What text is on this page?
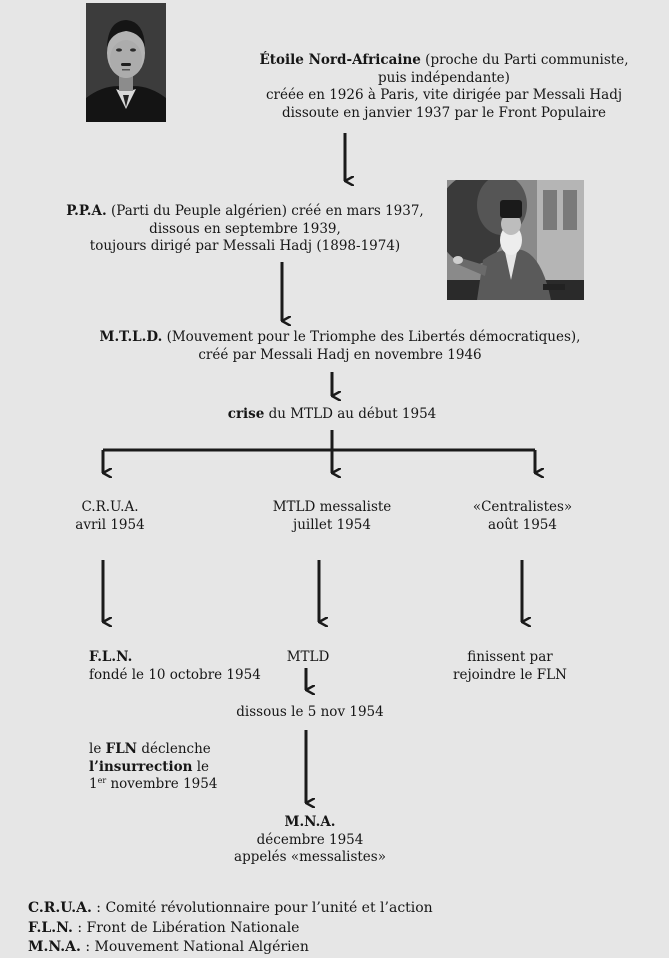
Étoile Nord-Africaine (proche du Parti communiste,
puis indépendante)
créée en 1926 à Paris, vite dirigée par Messali Hadj
dissoute en janvier 1937 par le Front Populaire
P.P.A. (Parti du Peuple algérien) créé en mars 1937,
dissous en septembre 1939,
toujours dirigé par Messali Hadj (1898-1974)
M.T.L.D. (Mouvement pour le Triomphe des Libertés démocratiques),
créé par Messali Hadj en novembre 1946
crise du MTLD au début 1954
C.R.U.A.
avril 1954
MTLD messaliste
juillet 1954
«Centralistes»
août 1954
F.L.N.
fondé le 10 octobre 1954
MTLD	finissent par
rejoindre le FLN
dissous le 5 nov 1954
le FLN déclenche
l’insurrection le
1er novembre 1954
M.N.A.
décembre 1954
appelés «messalistes»
C.R.U.A. : Comité révolutionnaire pour l’unité et l’action
F.L.N. : Front de Libération Nationale
M.N.A. : Mouvement National Algérien
